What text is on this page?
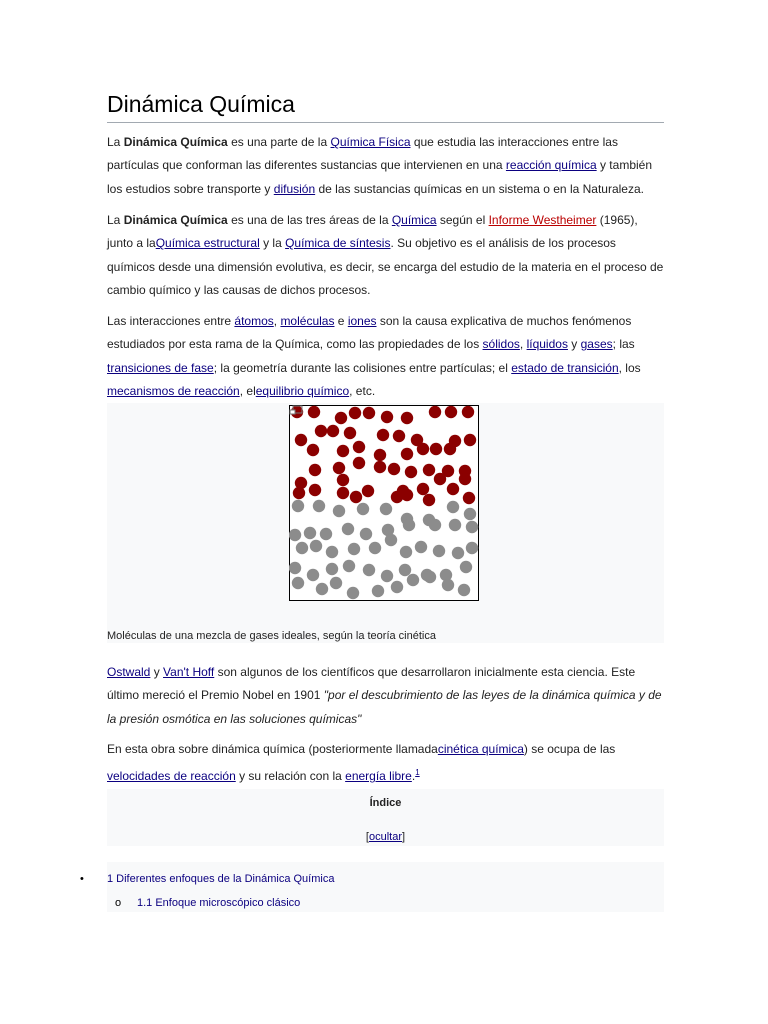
Dinámica Química

La Dinámica Química es una parte de la Química Física que estudia las interacciones entre las partículas que conforman las diferentes sustancias que intervienen en una reacción química y también los estudios sobre transporte y difusión de las sustancias químicas en un sistema o en la Naturaleza.

La Dinámica Química es una de las tres áreas de la Química según el Informe Westheimer (1965), junto a laQuímica estructural y la Química de síntesis. Su objetivo es el análisis de los procesos químicos desde una dimensión evolutiva, es decir, se encarga del estudio de la materia en el proceso de cambio químico y las causas de dichos procesos.

Las interacciones entre átomos, moléculas e iones son la causa explicativa de muchos fenómenos estudiados por esta rama de la Química, como las propiedades de los sólidos, líquidos y gases; las transiciones de fase; la geometría durante las colisiones entre partículas; el estado de transición, los mecanismos de reacción, elequilibrio químico, etc.

Moléculas de una mezcla de gases ideales, según la teoría cinética

Ostwald y Van't Hoff son algunos de los científicos que desarrollaron inicialmente esta ciencia. Este último mereció el Premio Nobel en 1901 "por el descubrimiento de las leyes de la dinámica química y de la presión osmótica en las soluciones químicas"

En esta obra sobre dinámica química (posteriormente llamadacinética química) se ocupa de las velocidades de reacción y su relación con la energía libre.$^1$

Índice
[ocultar]
• 1 Diferentes enfoques de la Dinámica Química
o 1.1 Enfoque microscópico clásico
